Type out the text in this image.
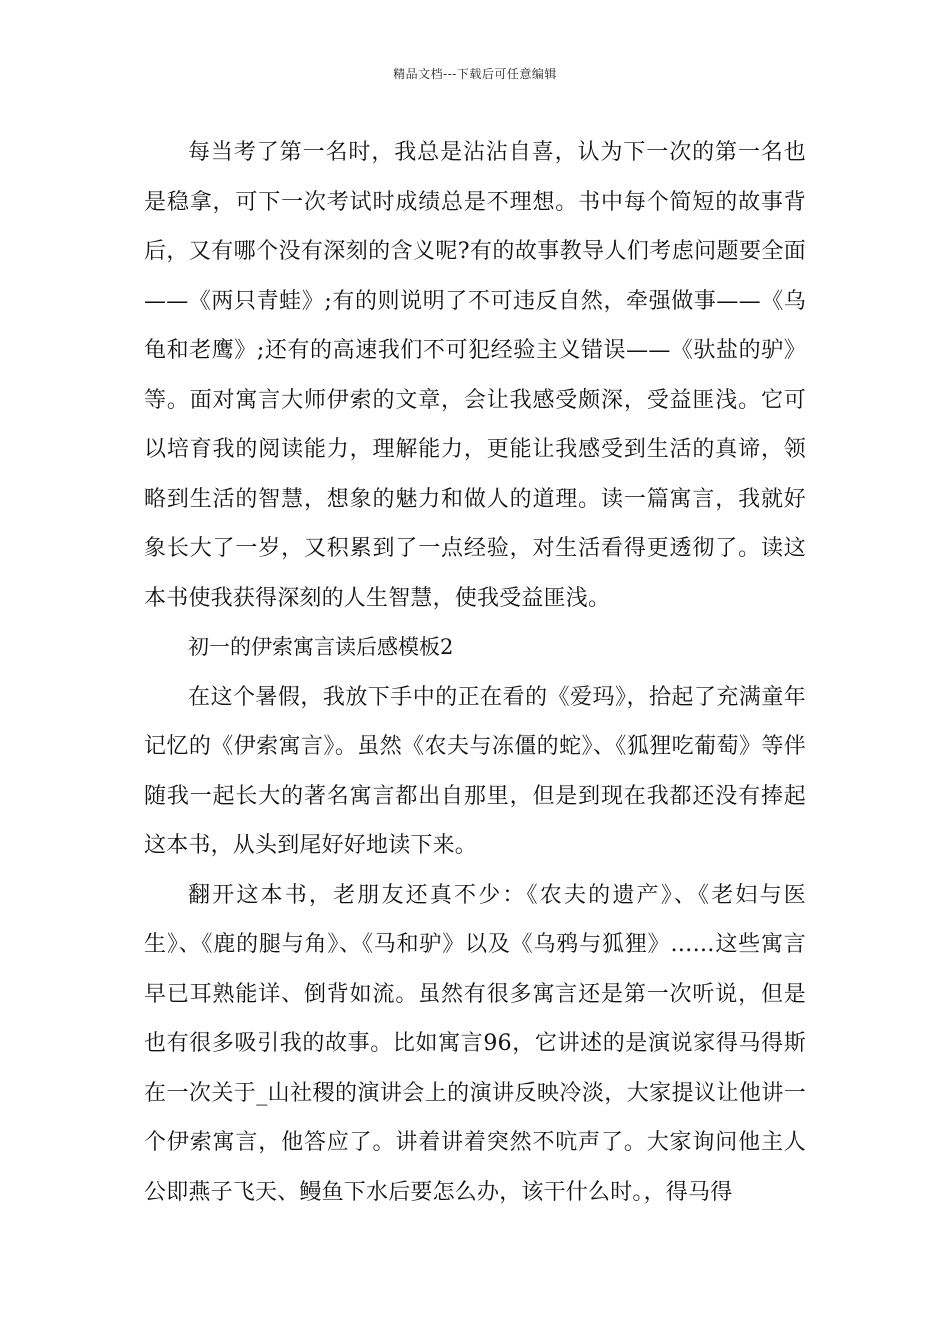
精品文档---下载后可任意编辑

每当考了第一名时，我总是沾沾自喜，认为下一次的第一名也是稳拿，可下一次考试时成绩总是不理想。书中每个简短的故事背后，又有哪个没有深刻的含义呢?有的故事教导人们考虑问题要全面——《两只青蛙》;有的则说明了不可违反自然，牵强做事——《乌龟和老鹰》;还有的高速我们不可犯经验主义错误——《驮盐的驴》等。面对寓言大师伊索的文章，会让我感受颇深，受益匪浅。它可以培育我的阅读能力，理解能力，更能让我感受到生活的真谛，领略到生活的智慧，想象的魅力和做人的道理。读一篇寓言，我就好象长大了一岁，又积累到了一点经验，对生活看得更透彻了。读这本书使我获得深刻的人生智慧，使我受益匪浅。

初一的伊索寓言读后感模板2

在这个暑假，我放下手中的正在看的《爱玛》，拾起了充满童年记忆的《伊索寓言》。虽然《农夫与冻僵的蛇》、《狐狸吃葡萄》等伴随我一起长大的著名寓言都出自那里，但是到现在我都还没有捧起这本书，从头到尾好好地读下来。

翻开这本书，老朋友还真不少：《农夫的遗产》、《老妇与医生》、《鹿的腿与角》、《马和驴》以及《乌鸦与狐狸》……这些寓言早已耳熟能详、倒背如流。虽然有很多寓言还是第一次听说，但是也有很多吸引我的故事。比如寓言96，它讲述的是演说家得马得斯在一次关于_山社稷的演讲会上的演讲反映冷淡，大家提议让他讲一个伊索寓言，他答应了。讲着讲着突然不吭声了。大家询问他主人公即燕子飞天、鳗鱼下水后要怎么办，该干什么时。，得马得
